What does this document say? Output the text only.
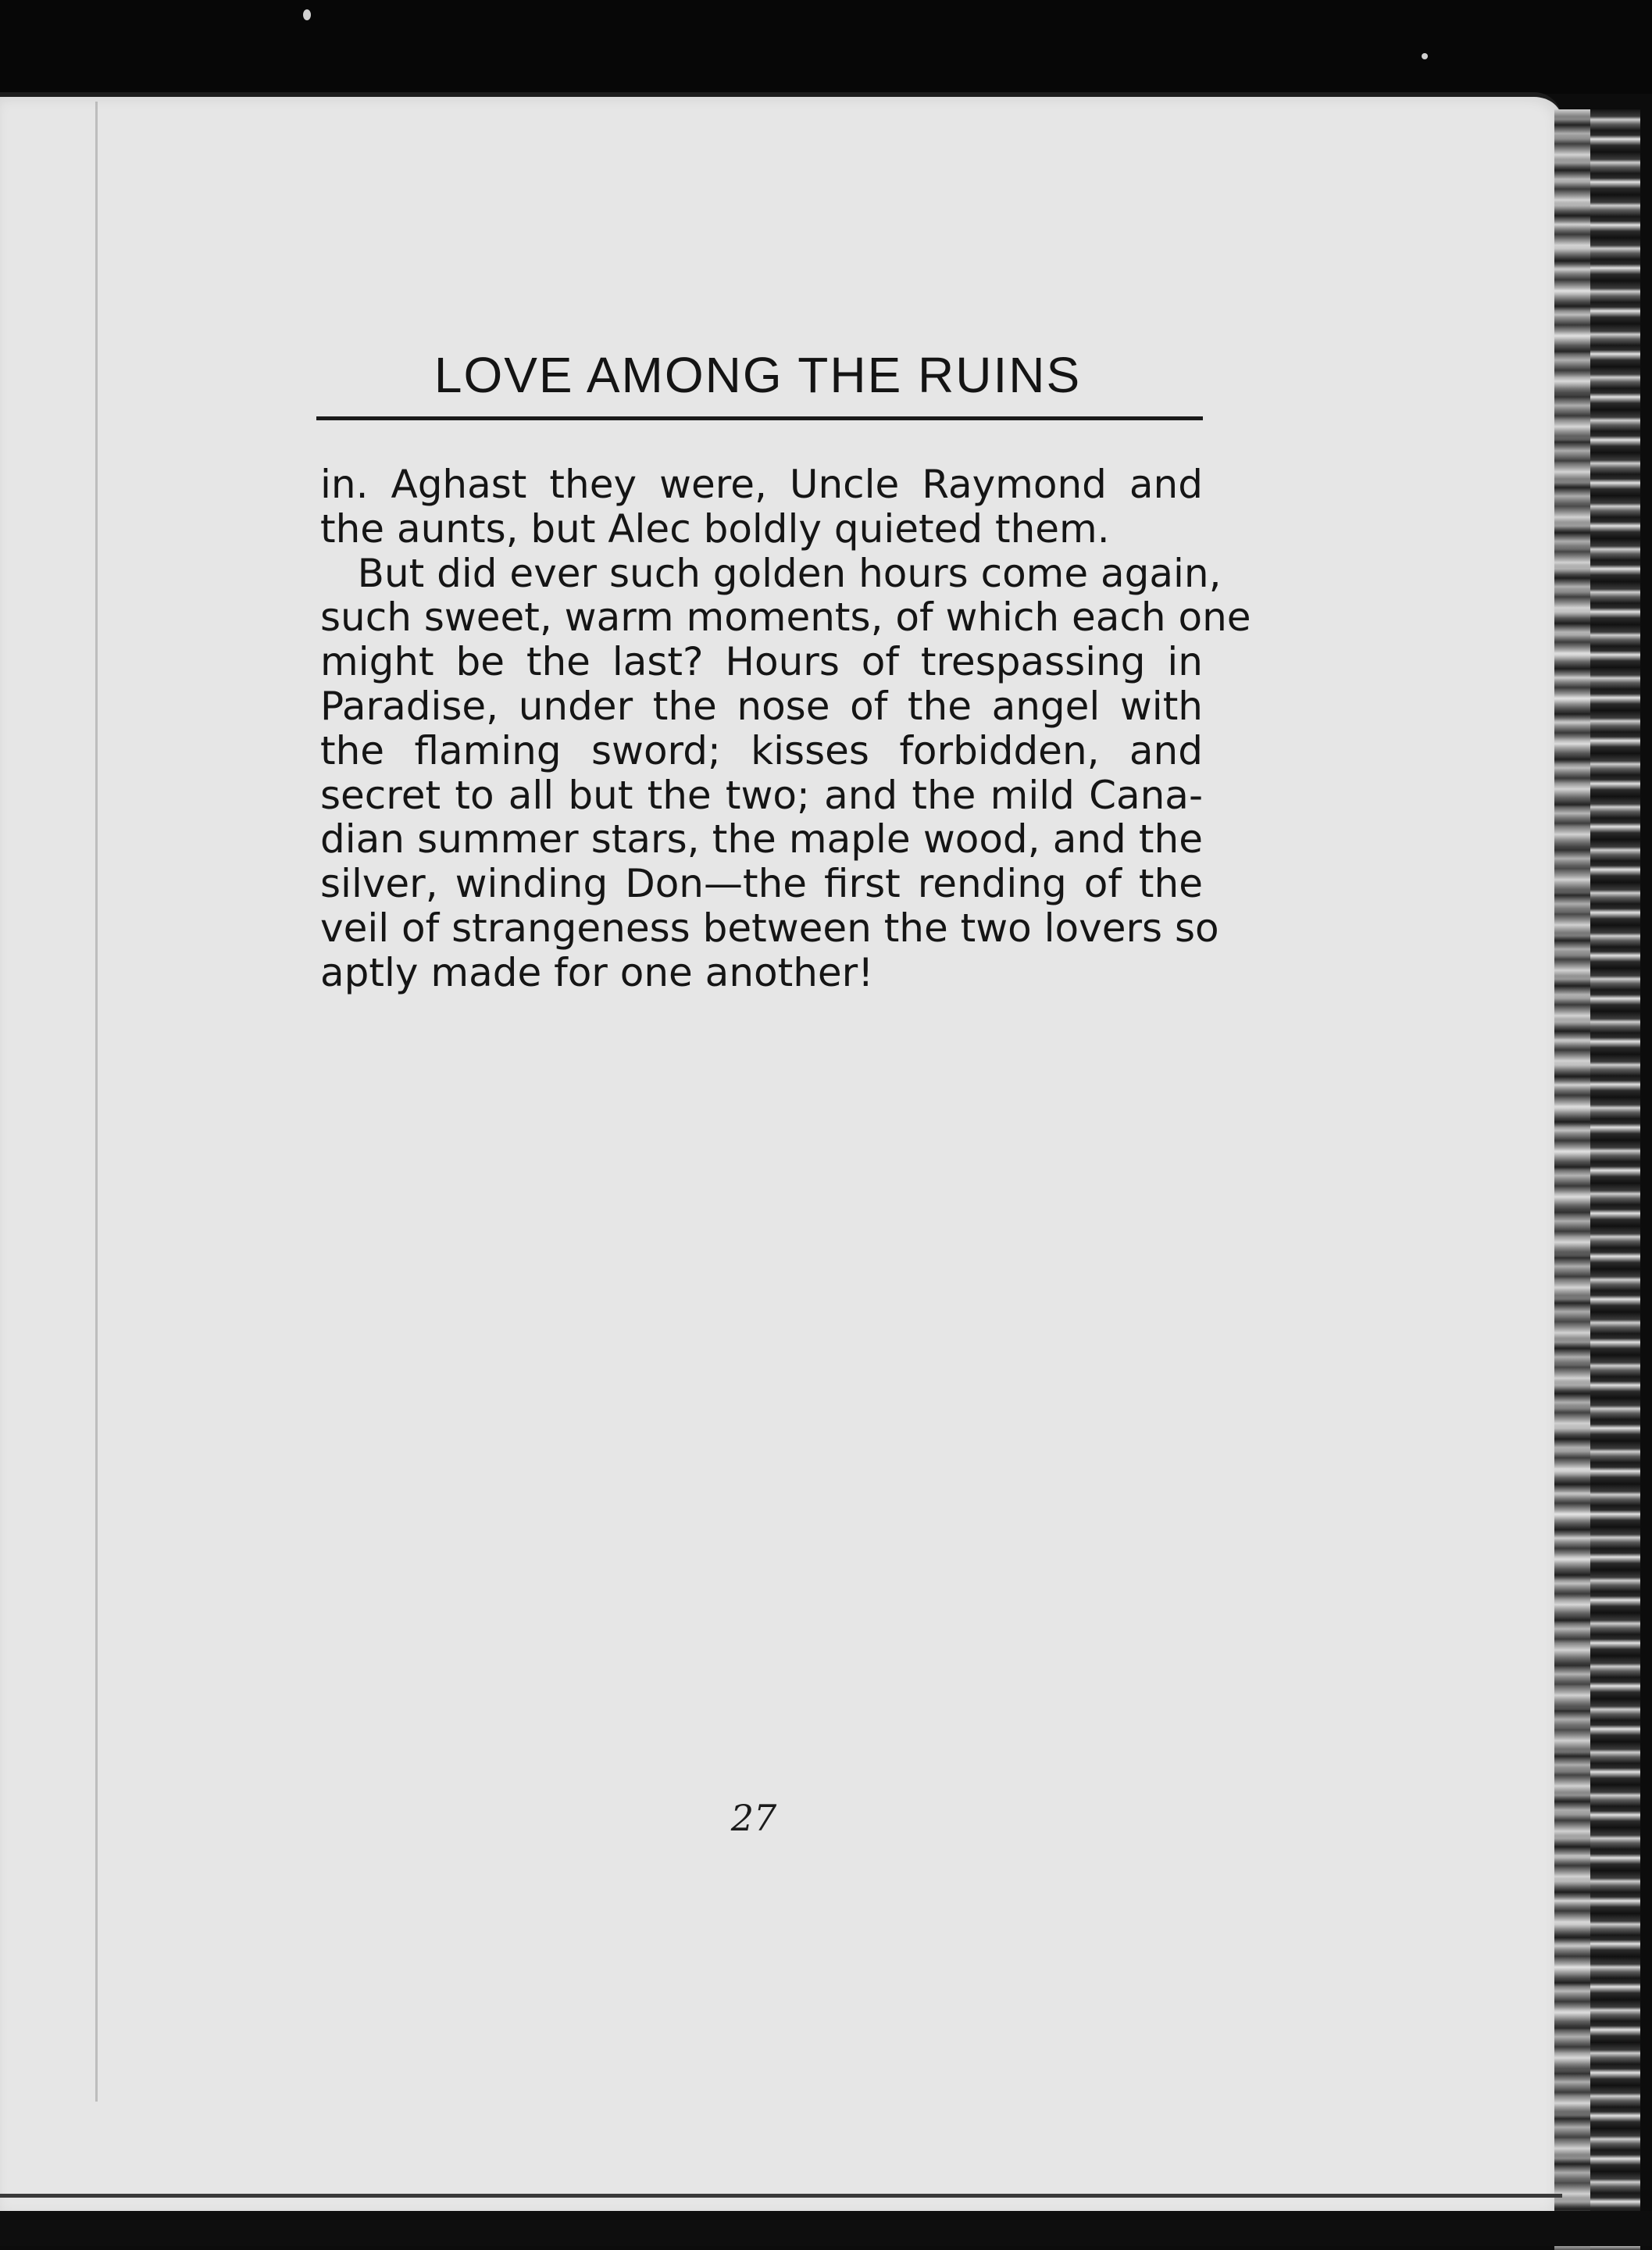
LOVE AMONG THE RUINS
in. Aghast they were, Uncle Raymond and
the aunts, but Alec boldly quieted them.
But did ever such golden hours come again,
such sweet, warm moments, of which each one
might be the last? Hours of trespassing in
Paradise, under the nose of the angel with
the flaming sword; kisses forbidden, and
secret to all but the two; and the mild Cana-
dian summer stars, the maple wood, and the
silver, winding Don—the first rending of the
veil of strangeness between the two lovers so
aptly made for one another!
27
